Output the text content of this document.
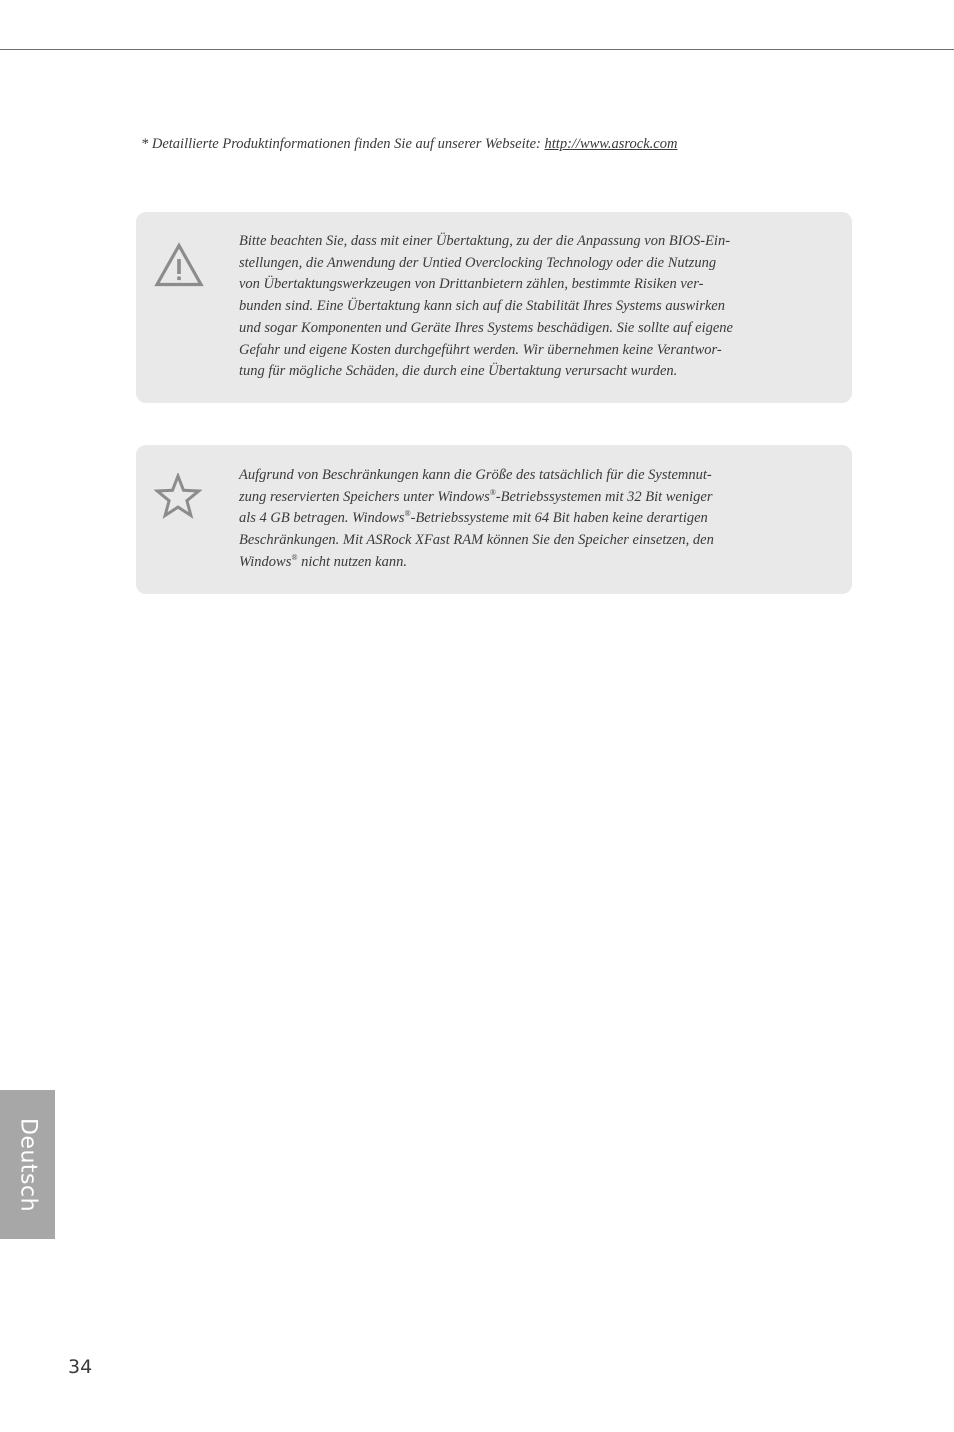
* Detaillierte Produktinformationen finden Sie auf unserer Webseite: http://www.asrock.com
Bitte beachten Sie, dass mit einer Übertaktung, zu der die Anpassung von BIOS-Ein-
stellungen, die Anwendung der Untied Overclocking Technology oder die Nutzung
von Übertaktungswerkzeugen von Drittanbietern zählen, bestimmte Risiken ver-
bunden sind. Eine Übertaktung kann sich auf die Stabilität Ihres Systems auswirken
und sogar Komponenten und Geräte Ihres Systems beschädigen. Sie sollte auf eigene
Gefahr und eigene Kosten durchgeführt werden. Wir übernehmen keine Verantwor-
tung für mögliche Schäden, die durch eine Übertaktung verursacht wurden.
Aufgrund von Beschränkungen kann die Größe des tatsächlich für die Systemnut-
zung reservierten Speichers unter Windows®-Betriebssystemen mit 32 Bit weniger
als 4 GB betragen. Windows®-Betriebssysteme mit 64 Bit haben keine derartigen
Beschränkungen. Mit ASRock XFast RAM können Sie den Speicher einsetzen, den
Windows® nicht nutzen kann.
Deutsch
34
